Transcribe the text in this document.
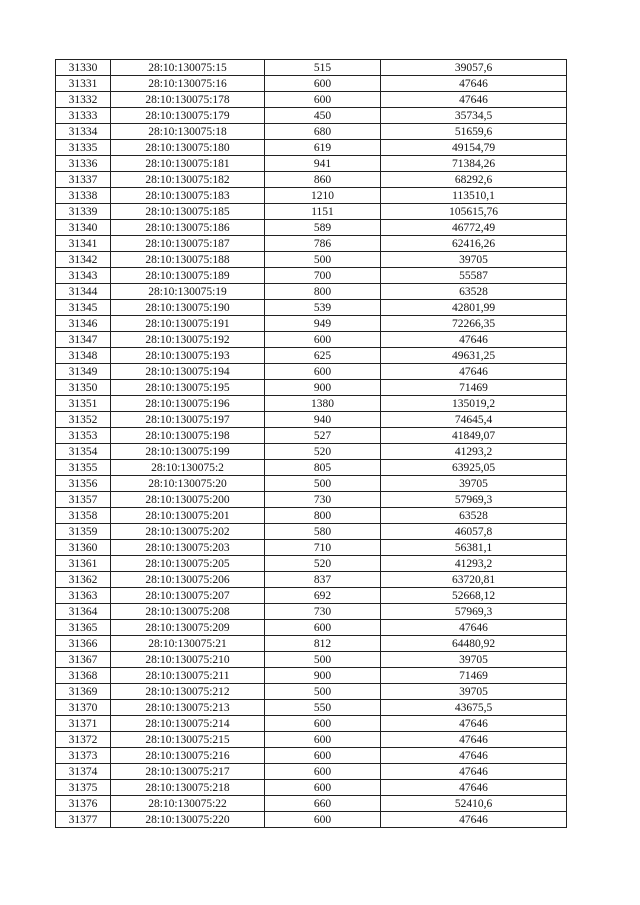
31330	28:10:130075:15	515	39057,6
31331	28:10:130075:16	600	47646
31332	28:10:130075:178	600	47646
31333	28:10:130075:179	450	35734,5
31334	28:10:130075:18	680	51659,6
31335	28:10:130075:180	619	49154,79
31336	28:10:130075:181	941	71384,26
31337	28:10:130075:182	860	68292,6
31338	28:10:130075:183	1210	113510,1
31339	28:10:130075:185	1151	105615,76
31340	28:10:130075:186	589	46772,49
31341	28:10:130075:187	786	62416,26
31342	28:10:130075:188	500	39705
31343	28:10:130075:189	700	55587
31344	28:10:130075:19	800	63528
31345	28:10:130075:190	539	42801,99
31346	28:10:130075:191	949	72266,35
31347	28:10:130075:192	600	47646
31348	28:10:130075:193	625	49631,25
31349	28:10:130075:194	600	47646
31350	28:10:130075:195	900	71469
31351	28:10:130075:196	1380	135019,2
31352	28:10:130075:197	940	74645,4
31353	28:10:130075:198	527	41849,07
31354	28:10:130075:199	520	41293,2
31355	28:10:130075:2	805	63925,05
31356	28:10:130075:20	500	39705
31357	28:10:130075:200	730	57969,3
31358	28:10:130075:201	800	63528
31359	28:10:130075:202	580	46057,8
31360	28:10:130075:203	710	56381,1
31361	28:10:130075:205	520	41293,2
31362	28:10:130075:206	837	63720,81
31363	28:10:130075:207	692	52668,12
31364	28:10:130075:208	730	57969,3
31365	28:10:130075:209	600	47646
31366	28:10:130075:21	812	64480,92
31367	28:10:130075:210	500	39705
31368	28:10:130075:211	900	71469
31369	28:10:130075:212	500	39705
31370	28:10:130075:213	550	43675,5
31371	28:10:130075:214	600	47646
31372	28:10:130075:215	600	47646
31373	28:10:130075:216	600	47646
31374	28:10:130075:217	600	47646
31375	28:10:130075:218	600	47646
31376	28:10:130075:22	660	52410,6
31377	28:10:130075:220	600	47646
